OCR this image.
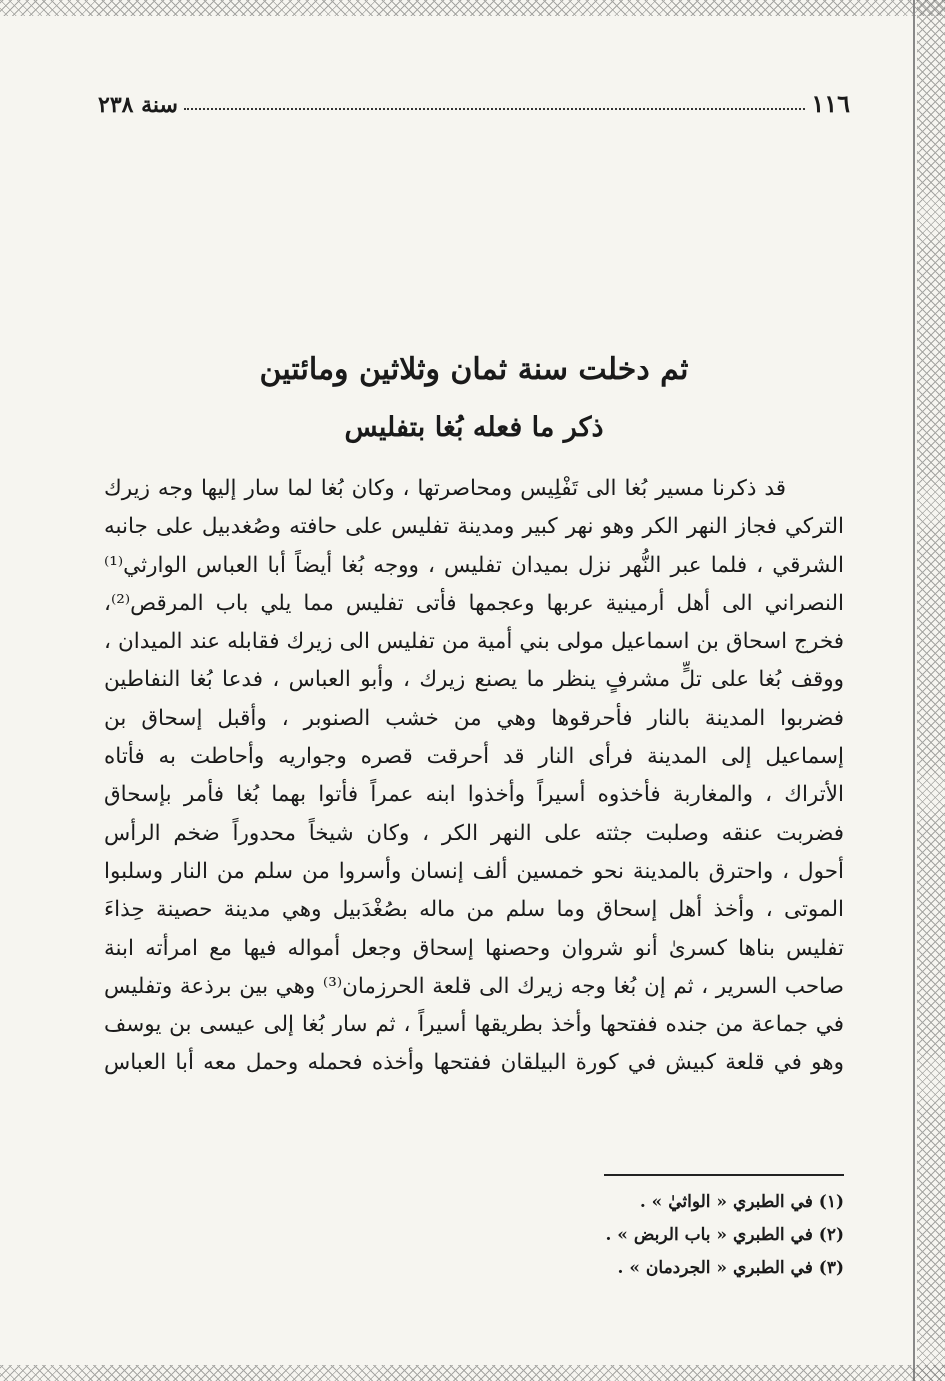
١١٦
سنة ٢٣٨
ثم دخلت سنة ثمان وثلاثين ومائتين
ذكر ما فعله بُغا بتفليس
قد ذكرنا مسير بُغا الى تَفْلِيس ومحاصرتها ، وكان بُغا لما سار إليها وجه زيرك
التركي فجاز النهر الكر وهو نهر كبير ومدينة تفليس على حافته وصُغدبيل على جانبه
الشرقي ، فلما عبر النُّهر نزل بميدان تفليس ، ووجه بُغا أيضاً أبا العباس الوارثي⁽¹⁾
النصراني الى أهل أرمينية عربها وعجمها فأتى تفليس مما يلي باب المرقص⁽²⁾،
فخرج اسحاق بن اسماعيل مولى بني أمية من تفليس الى زيرك فقابله عند الميدان ،
ووقف بُغا على تلٍّ مشرفٍ ينظر ما يصنع زيرك ، وأبو العباس ، فدعا بُغا النفاطين
فضربوا المدينة بالنار فأحرقوها وهي من خشب الصنوبر ، وأقبل إسحاق بن
إسماعيل إلى المدينة فرأى النار قد أحرقت قصره وجواريه وأحاطت به فأتاه
الأتراك ، والمغاربة فأخذوه أسيراً وأخذوا ابنه عمراً فأتوا بهما بُغا فأمر بإسحاق
فضربت عنقه وصلبت جثته على النهر الكر ، وكان شيخاً محدوراً ضخم الرأس
أحول ، واحترق بالمدينة نحو خمسين ألف إنسان وأسروا من سلم من النار وسلبوا
الموتى ، وأخذ أهل إسحاق وما سلم من ماله بصُغْدَبيل وهي مدينة حصينة حِذاءَ
تفليس بناها كسرىٰ أنو شروان وحصنها إسحاق وجعل أمواله فيها مع امرأته ابنة
صاحب السرير ، ثم إن بُغا وجه زيرك الى قلعة الحرزمان⁽³⁾ وهي بين برذعة وتفليس
في جماعة من جنده ففتحها وأخذ بطريقها أسيراً ، ثم سار بُغا إلى عيسى بن يوسف
وهو في قلعة كبيش في كورة البيلقان ففتحها وأخذه فحمله وحمل معه أبا العباس
(١) في الطبري « الواثيٰ » .
(٢) في الطبري « باب الربض » .
(٣) في الطبري « الجردمان » .
